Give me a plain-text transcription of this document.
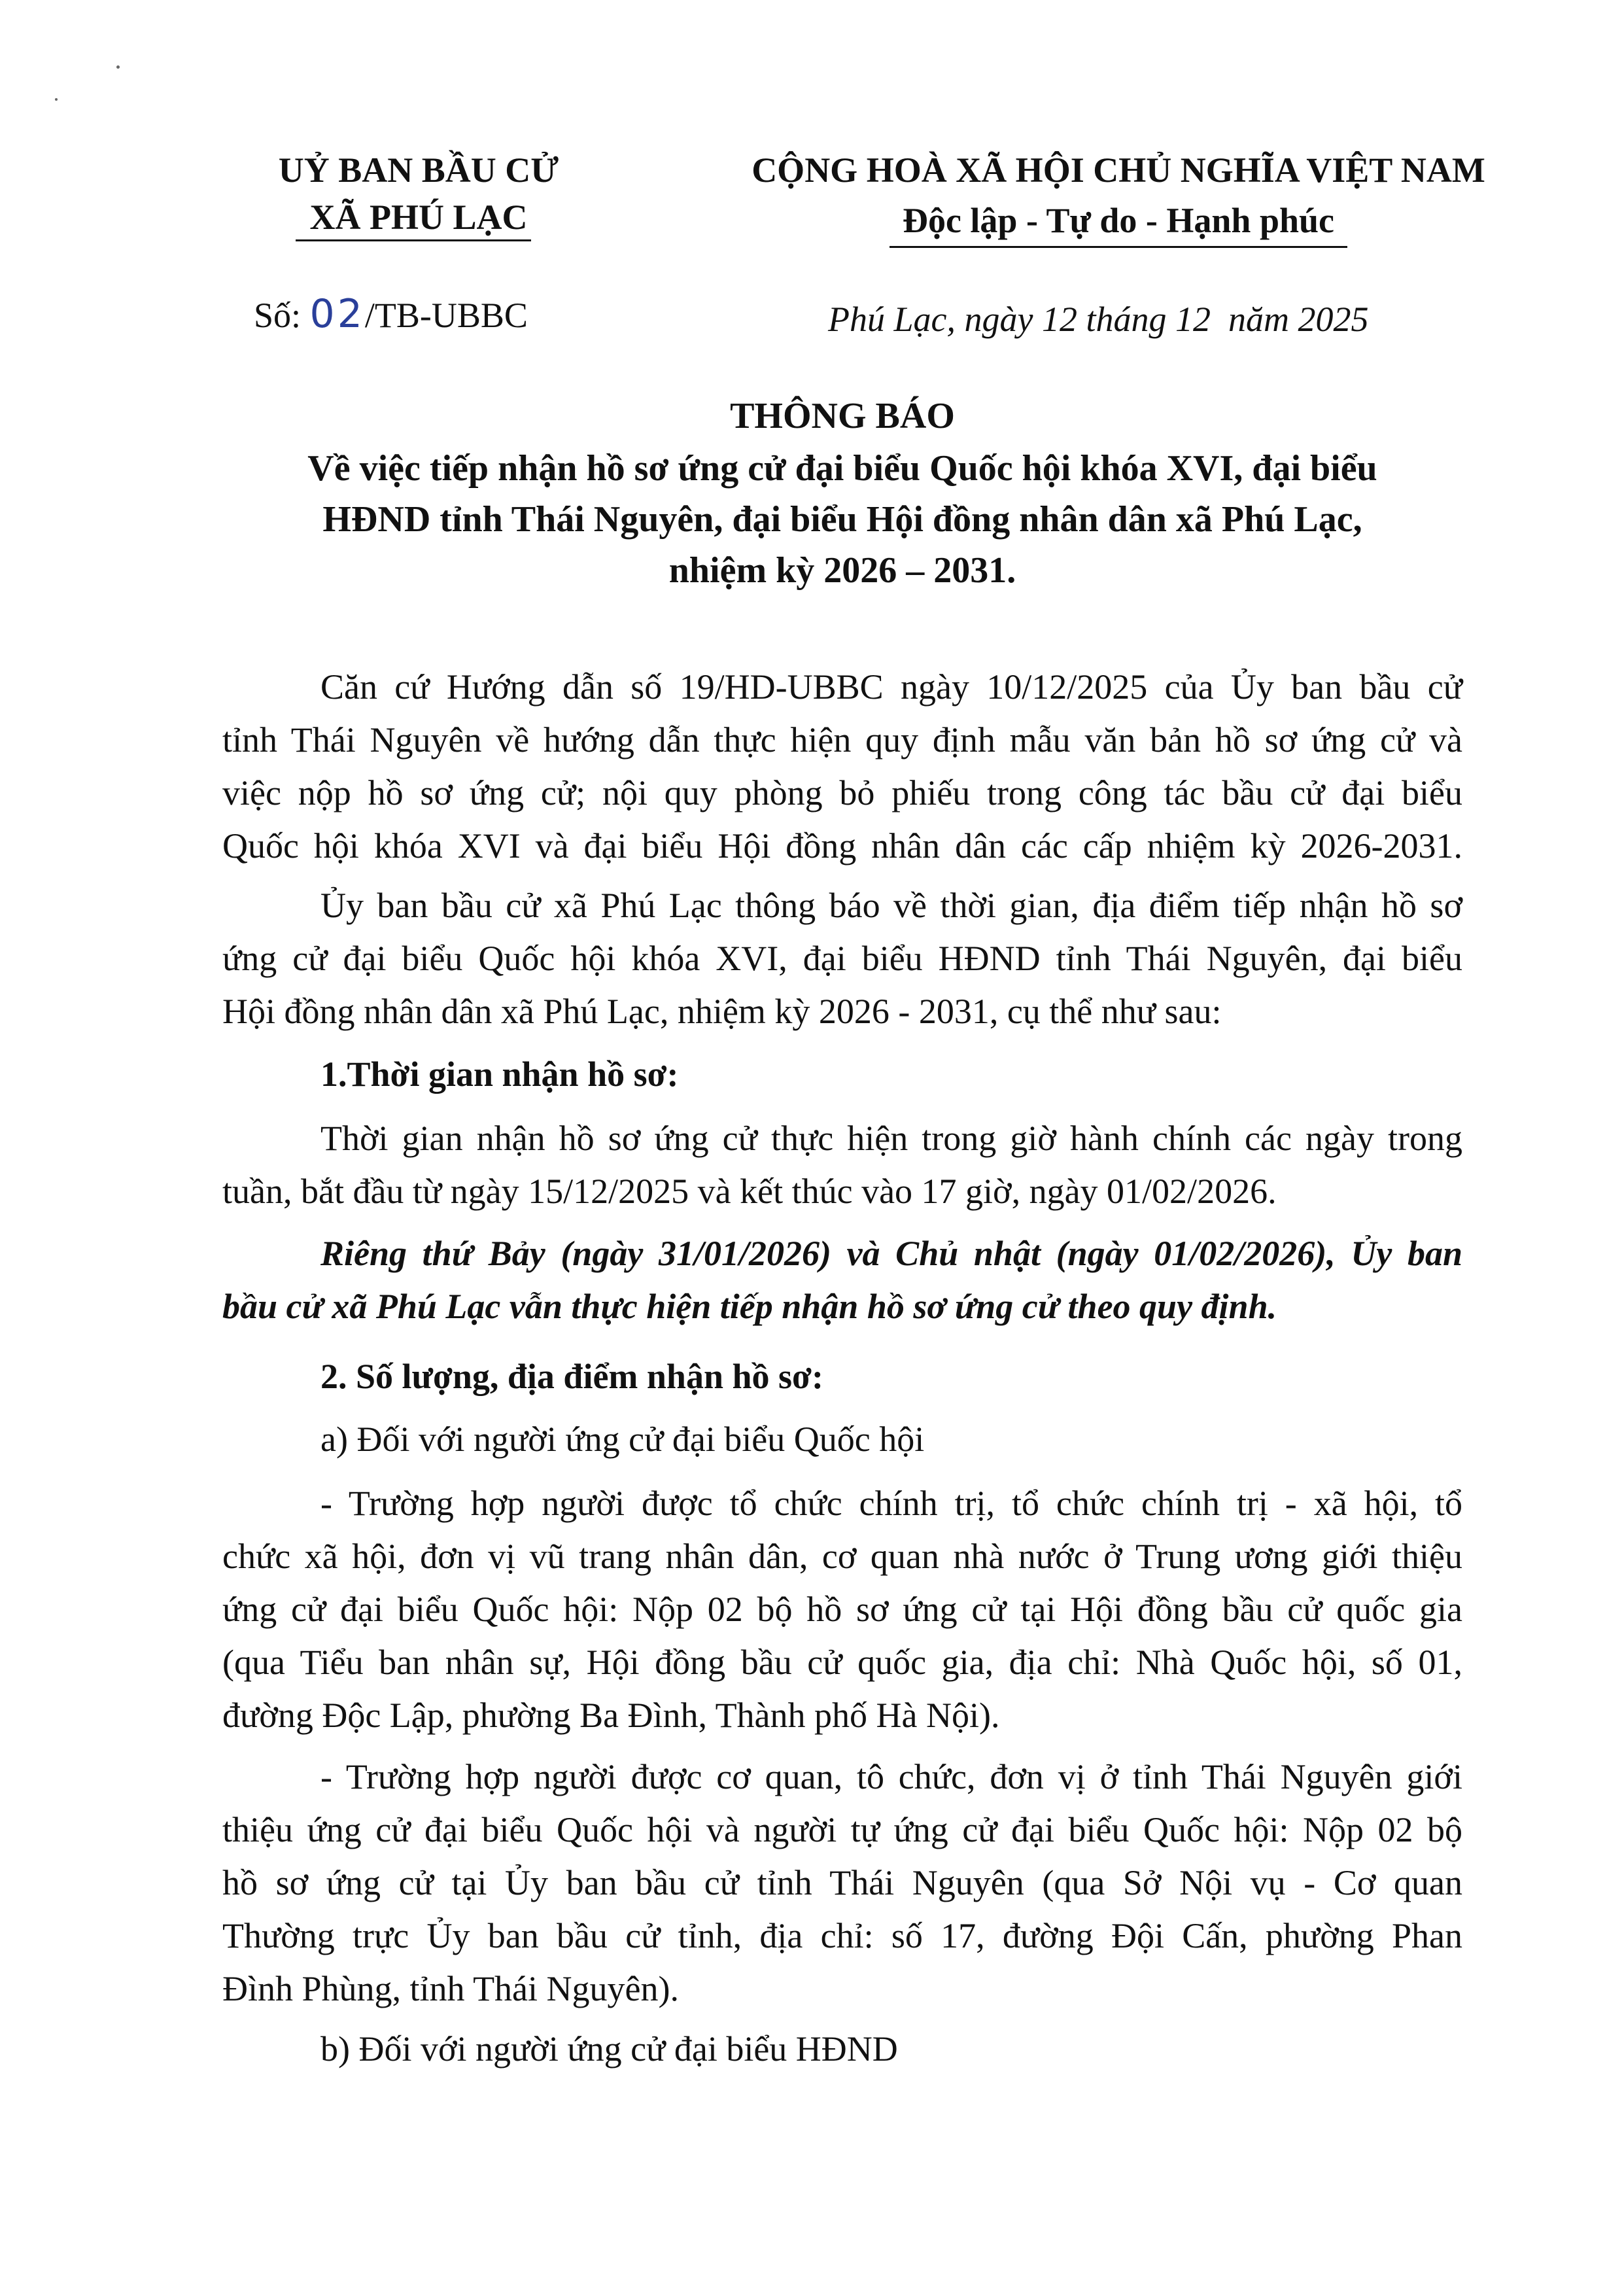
UỶ BAN BẦU CỬ
XÃ PHÚ LẠC
CỘNG HOÀ XÃ HỘI CHỦ NGHĨA VIỆT NAM
Độc lập - Tự do - Hạnh phúc
Số: 02/TB-UBBC	Phú Lạc, ngày 12 tháng 12  năm 2025
THÔNG BÁO
Về việc tiếp nhận hồ sơ ứng cử đại biểu Quốc hội khóa XVI, đại biểu
HĐND tỉnh Thái Nguyên, đại biểu Hội đồng nhân dân xã Phú Lạc,
nhiệm kỳ 2026 – 2031.
Căn cứ Hướng dẫn số 19/HD-UBBC ngày 10/12/2025 của Ủy ban bầu cử
tỉnh Thái Nguyên về hướng dẫn thực hiện quy định mẫu văn bản hồ sơ ứng cử và
việc nộp hồ sơ ứng cử; nội quy phòng bỏ phiếu trong công tác bầu cử đại biểu
Quốc hội khóa XVI và đại biểu Hội đồng nhân dân các cấp nhiệm kỳ 2026-2031.
Ủy ban bầu cử xã Phú Lạc thông báo về thời gian, địa điểm tiếp nhận hồ sơ
ứng cử đại biểu Quốc hội khóa XVI, đại biểu HĐND tỉnh Thái Nguyên, đại biểu
Hội đồng nhân dân xã Phú Lạc, nhiệm kỳ 2026 - 2031, cụ thể như sau:
1.Thời gian nhận hồ sơ:
Thời gian nhận hồ sơ ứng cử thực hiện trong giờ hành chính các ngày trong
tuần, bắt đầu từ ngày 15/12/2025 và kết thúc vào 17 giờ, ngày 01/02/2026.
Riêng thứ Bảy (ngày 31/01/2026) và Chủ nhật (ngày 01/02/2026), Ủy ban
bầu cử xã Phú Lạc vẫn thực hiện tiếp nhận hồ sơ ứng cử theo quy định.
2. Số lượng, địa điểm nhận hồ sơ:
a) Đối với người ứng cử đại biểu Quốc hội
- Trường hợp người được tổ chức chính trị, tổ chức chính trị - xã hội, tổ
chức xã hội, đơn vị vũ trang nhân dân, cơ quan nhà nước ở Trung ương giới thiệu
ứng cử đại biểu Quốc hội: Nộp 02 bộ hồ sơ ứng cử tại Hội đồng bầu cử quốc gia
(qua Tiểu ban nhân sự, Hội đồng bầu cử quốc gia, địa chỉ: Nhà Quốc hội, số 01,
đường Độc Lập, phường Ba Đình, Thành phố Hà Nội).
- Trường hợp người được cơ quan, tô chức, đơn vị ở tỉnh Thái Nguyên giới
thiệu ứng cử đại biểu Quốc hội và người tự ứng cử đại biểu Quốc hội: Nộp 02 bộ
hồ sơ ứng cử tại Ủy ban bầu cử tỉnh Thái Nguyên (qua Sở Nội vụ - Cơ quan
Thường trực Ủy ban bầu cử tỉnh, địa chỉ: số 17, đường Đội Cấn, phường Phan
Đình Phùng, tỉnh Thái Nguyên).
b) Đối với người ứng cử đại biểu HĐND
